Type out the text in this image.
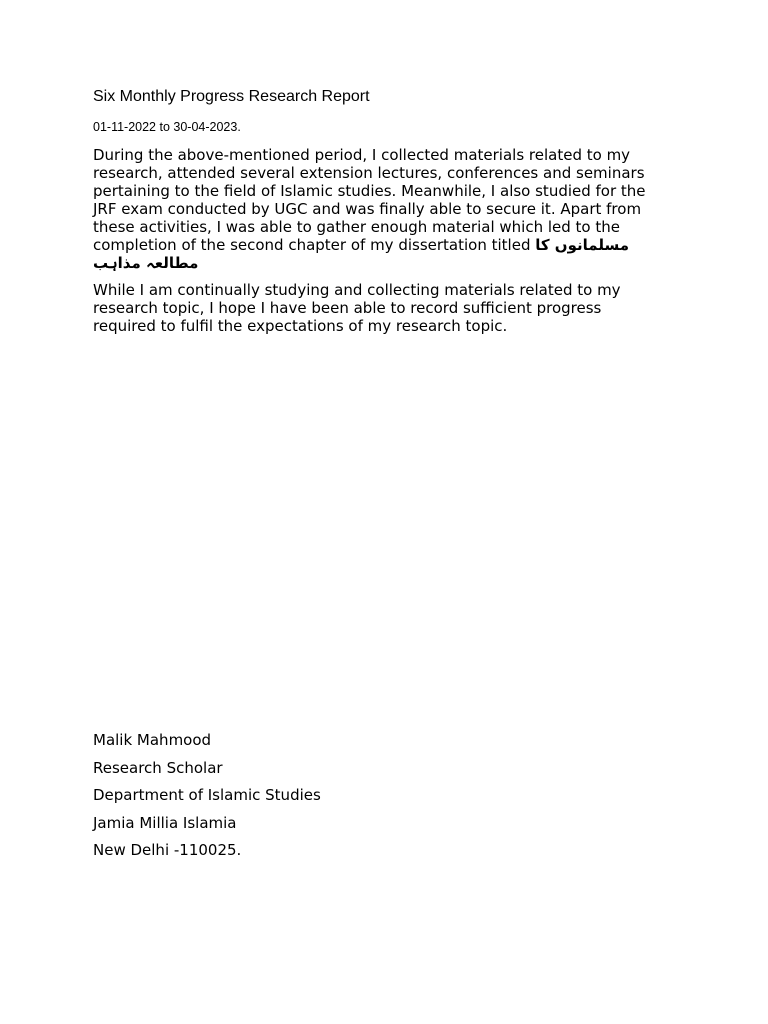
Six Monthly Progress Research Report
01-11-2022 to 30-04-2023.

During the above-mentioned period, I collected materials related to my research, attended several extension lectures, conferences and seminars pertaining to the field of Islamic studies. Meanwhile, I also studied for the JRF exam conducted by UGC and was finally able to secure it. Apart from these activities, I was able to gather enough material which led to the completion of the second chapter of my dissertation titled مسلمانوں کا مطالعہ مذاہب

While I am continually studying and collecting materials related to my research topic, I hope I have been able to record sufficient progress required to fulfil the expectations of my research topic.

Malik Mahmood
Research Scholar
Department of Islamic Studies
Jamia Millia Islamia
New Delhi -110025.
